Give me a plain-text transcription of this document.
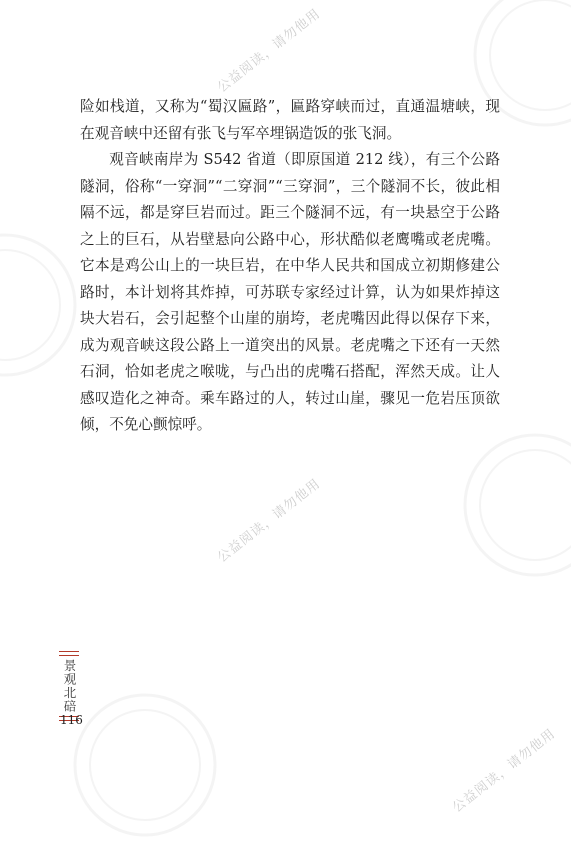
公益阅读，请勿他用
公益阅读，请勿他用
公益阅读，请勿他用

险如栈道，又称为“蜀汉匾路”，匾路穿峡而过，直通温塘峡，现在观音峡中还留有张飞与军卒埋锅造饭的张飞洞。

观音峡南岸为 S542 省道（即原国道 212 线），有三个公路隧洞，俗称“一穿洞”“二穿洞”“三穿洞”，三个隧洞不长，彼此相隔不远，都是穿巨岩而过。距三个隧洞不远，有一块悬空于公路之上的巨石，从岩壁悬向公路中心，形状酷似老鹰嘴或老虎嘴。它本是鸡公山上的一块巨岩，在中华人民共和国成立初期修建公路时，本计划将其炸掉，可苏联专家经过计算，认为如果炸掉这块大岩石，会引起整个山崖的崩垮，老虎嘴因此得以保存下来，成为观音峡这段公路上一道突出的风景。老虎嘴之下还有一天然石洞，恰如老虎之喉咙，与凸出的虎嘴石搭配，浑然天成。让人感叹造化之神奇。乘车路过的人，转过山崖，骤见一危岩压顶欲倾，不免心颤惊呼。

景观北碚
116
